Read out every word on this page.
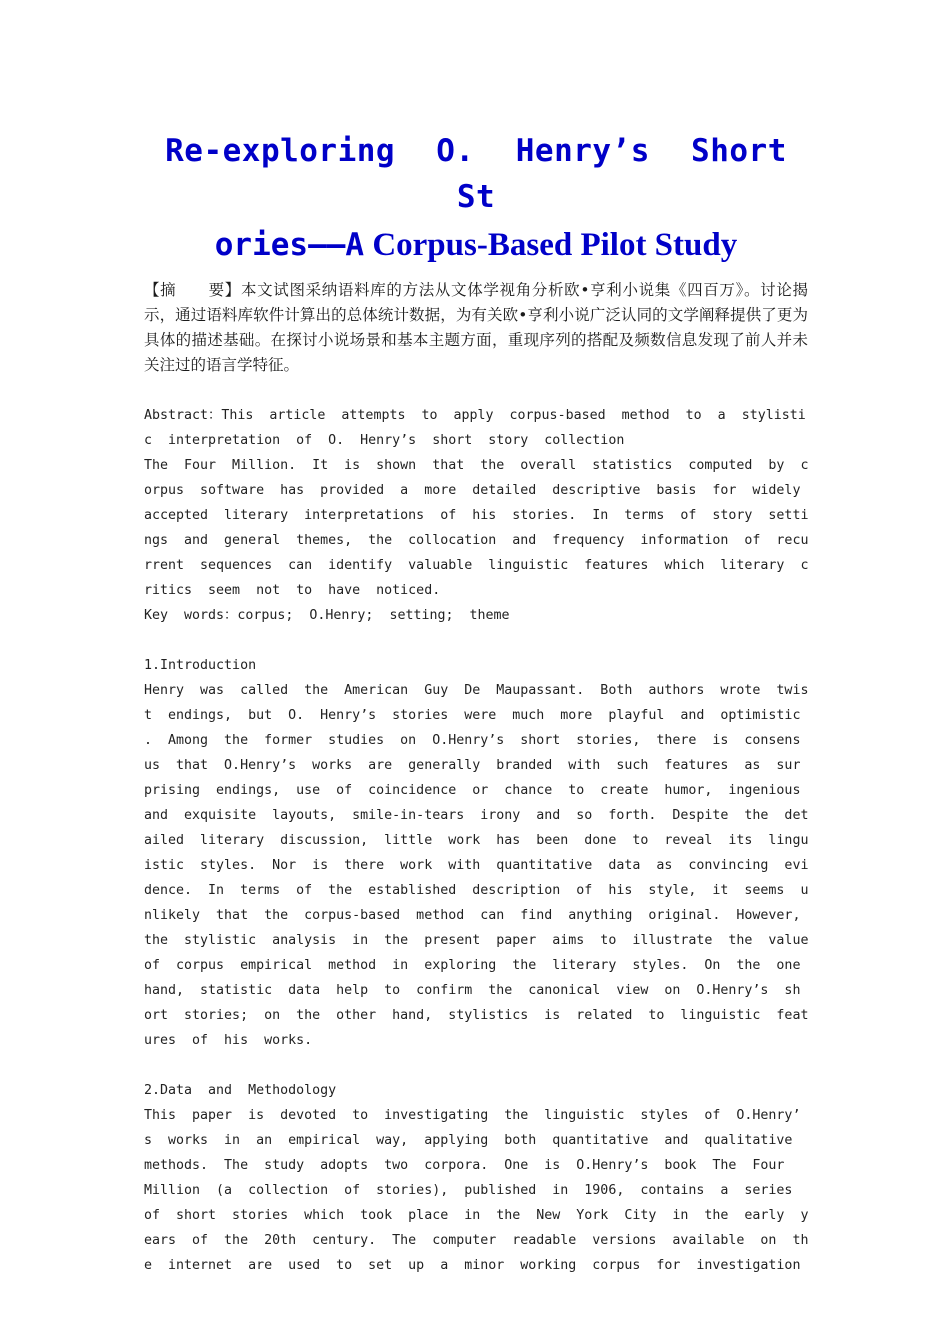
Re-exploring O. Henry’s Short St
ories——A Corpus-Based Pilot Study

【摘　　要】本文试图采纳语料库的方法从文体学视角分析欧•亨利小说集《四百万》。讨论揭示，通过语料库软件计算出的总体统计数据，为有关欧•亨利小说广泛认同的文学阐释提供了更为具体的描述基础。在探讨小说场景和基本主题方面，重现序列的搭配及频数信息发现了前人并未关注过的语言学特征。

Abstract：This  article  attempts  to  apply  corpus-based  method  to  a  stylisti
c  interpretation  of  O.  Henry’s  short  story  collection
The  Four  Million.  It  is  shown  that  the  overall  statistics  computed  by  c
orpus  software  has  provided  a  more  detailed  descriptive  basis  for  widely
accepted  literary  interpretations  of  his  stories.  In  terms  of  story  setti
ngs  and  general  themes,  the  collocation  and  frequency  information  of  recu
rrent  sequences  can  identify  valuable  linguistic  features  which  literary  c
ritics  seem  not  to  have  noticed.
Key  words：corpus;  O.Henry;  setting;  theme
1.Introduction
Henry  was  called  the  American  Guy  De  Maupassant.  Both  authors  wrote  twis
t  endings,  but  O.  Henry’s  stories  were  much  more  playful  and  optimistic
.  Among  the  former  studies  on  O.Henry’s  short  stories,  there  is  consens
us  that  O.Henry’s  works  are  generally  branded  with  such  features  as  sur
prising  endings,  use  of  coincidence  or  chance  to  create  humor,  ingenious
and  exquisite  layouts,  smile-in-tears  irony  and  so  forth.  Despite  the  det
ailed  literary  discussion,  little  work  has  been  done  to  reveal  its  lingu
istic  styles.  Nor  is  there  work  with  quantitative  data  as  convincing  evi
dence.  In  terms  of  the  established  description  of  his  style,  it  seems  u
nlikely  that  the  corpus-based  method  can  find  anything  original.  However,
the  stylistic  analysis  in  the  present  paper  aims  to  illustrate  the  value
of  corpus  empirical  method  in  exploring  the  literary  styles.  On  the  one
hand,  statistic  data  help  to  confirm  the  canonical  view  on  O.Henry’s  sh
ort  stories;  on  the  other  hand,  stylistics  is  related  to  linguistic  feat
ures  of  his  works.
2.Data  and  Methodology
This  paper  is  devoted  to  investigating  the  linguistic  styles  of  O.Henry’
s  works  in  an  empirical  way,  applying  both  quantitative  and  qualitative
methods.  The  study  adopts  two  corpora.  One  is  O.Henry’s  book  The  Four
Million  (a  collection  of  stories),  published  in  1906,  contains  a  series
of  short  stories  which  took  place  in  the  New  York  City  in  the  early  y
ears  of  the  20th  century.  The  computer  readable  versions  available  on  th
e  internet  are  used  to  set  up  a  minor  working  corpus  for  investigation
